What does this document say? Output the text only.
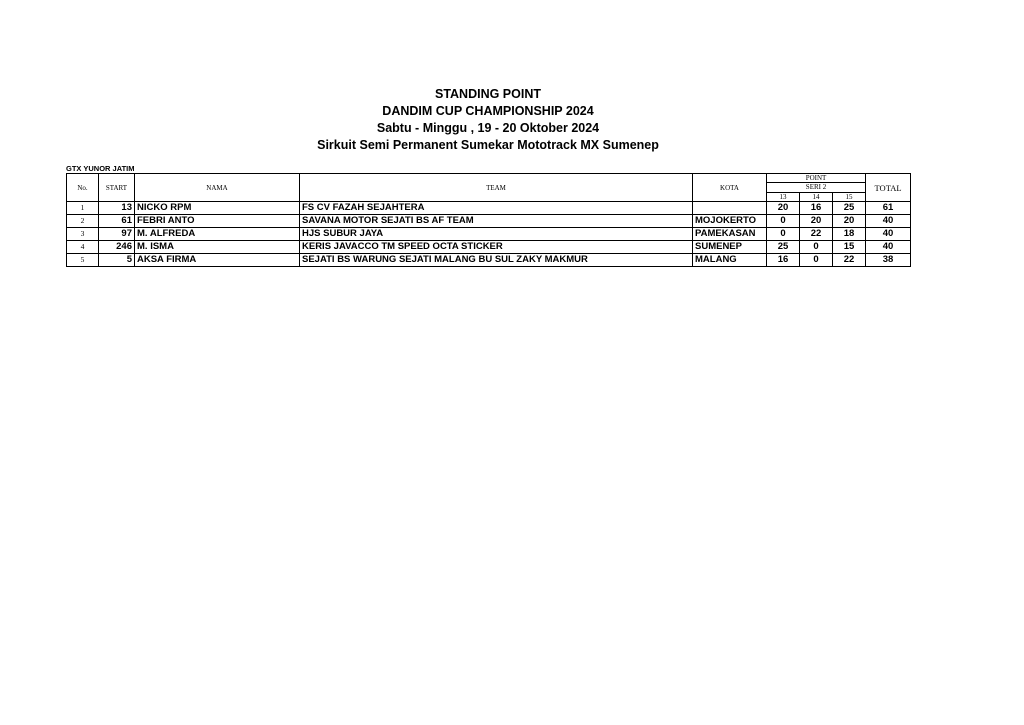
STANDING POINT
DANDIM CUP CHAMPIONSHIP 2024
Sabtu - Minggu , 19 - 20 Oktober 2024
Sirkuit Semi Permanent Sumekar Mototrack MX Sumenep
GTX YUNOR JATIM
No.	START	NAMA	TEAM	KOTA	POINT			TOTAL
					SERI 2			
					13	14	15	
1	13	NICKO RPM	FS CV FAZAH SEJAHTERA		20	16	25	61
2	61	FEBRI ANTO	SAVANA MOTOR SEJATI BS AF TEAM	MOJOKERTO	0	20	20	40
3	97	M. ALFREDA	HJS SUBUR JAYA	PAMEKASAN	0	22	18	40
4	246	M. ISMA	KERIS JAVACCO TM SPEED OCTA STICKER	SUMENEP	25	0	15	40
5	5	AKSA FIRMA	SEJATI BS WARUNG SEJATI MALANG BU SUL ZAKY MAKMUR	MALANG	16	0	22	38
